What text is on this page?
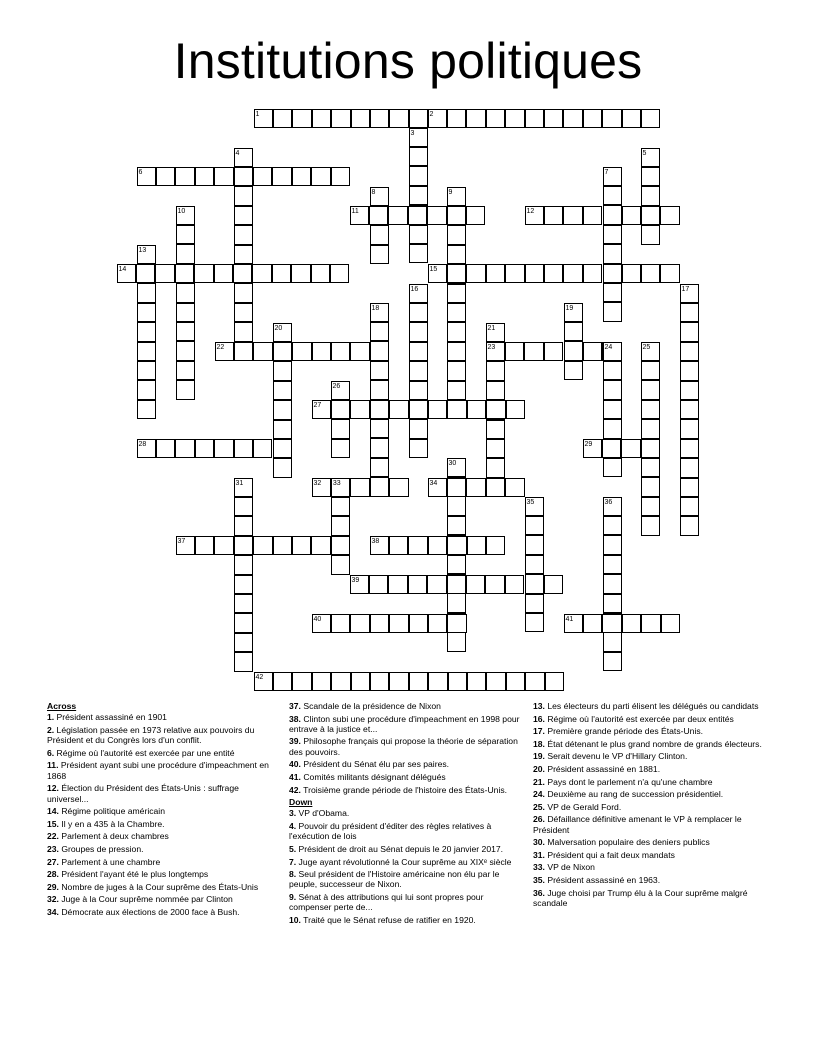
Institutions politiques
1	2
3
4	5
6	7
8	9
10	11	12
13
14	15
16	17
18	19
20	21
23
22	24	25
26
27
28	29
30
31	32 33	34
35	36
37	38
39
40	41
42
Across
1. Président assassiné en 1901
2. Législation passée en 1973 relative aux pouvoirs du Président et du Congrès lors d'un conflit.
6. Régime où l'autorité est exercée par une entité
11. Président ayant subi une procédure d'impeachment en 1868
12. Élection du Président des États-Unis : suffrage universel...
14. Régime politique américain
15. Il y en a 435 à la Chambre.
22. Parlement à deux chambres
23. Groupes de pression.
27. Parlement à une chambre
28. Président l'ayant été le plus longtemps
29. Nombre de juges à la Cour suprême des États-Unis
32. Juge à la Cour suprême nommée par Clinton
34. Démocrate aux élections de 2000 face à Bush.
37. Scandale de la présidence de Nixon
38. Clinton subi une procédure d'impeachment en 1998 pour entrave à la justice et...
39. Philosophe français qui propose la théorie de séparation des pouvoirs.
40. Président du Sénat élu par ses paires.
41. Comités militants désignant délégués
42. Troisième grande période de l'histoire des États-Unis.
Down
3. VP d'Obama.
4. Pouvoir du président d'éditer des règles relatives à l'exécution de lois
5. Président de droit au Sénat depuis le 20 janvier 2017.
7. Juge ayant révolutionné la Cour suprême au XIXᵉ siècle
8. Seul président de l'Histoire américaine non élu par le peuple, successeur de Nixon.
9. Sénat à des attributions qui lui sont propres pour compenser perte de...
10. Traité que le Sénat refuse de ratifier en 1920.
13. Les électeurs du parti élisent les délégués ou candidats
16. Régime où l'autorité est exercée par deux entités
17. Première grande période des États-Unis.
18. État détenant le plus grand nombre de grands électeurs.
19. Serait devenu le VP d'Hillary Clinton.
20. Président assassiné en 1881.
21. Pays dont le parlement n'a qu'une chambre
24. Deuxième au rang de succession présidentiel.
25. VP de Gerald Ford.
26. Défaillance définitive amenant le VP à remplacer le Président
30. Malversation populaire des deniers publics
31. Président qui a fait deux mandats
33. VP de Nixon
35. Président assassiné en 1963.
36. Juge choisi par Trump élu à la Cour suprême malgré scandale
